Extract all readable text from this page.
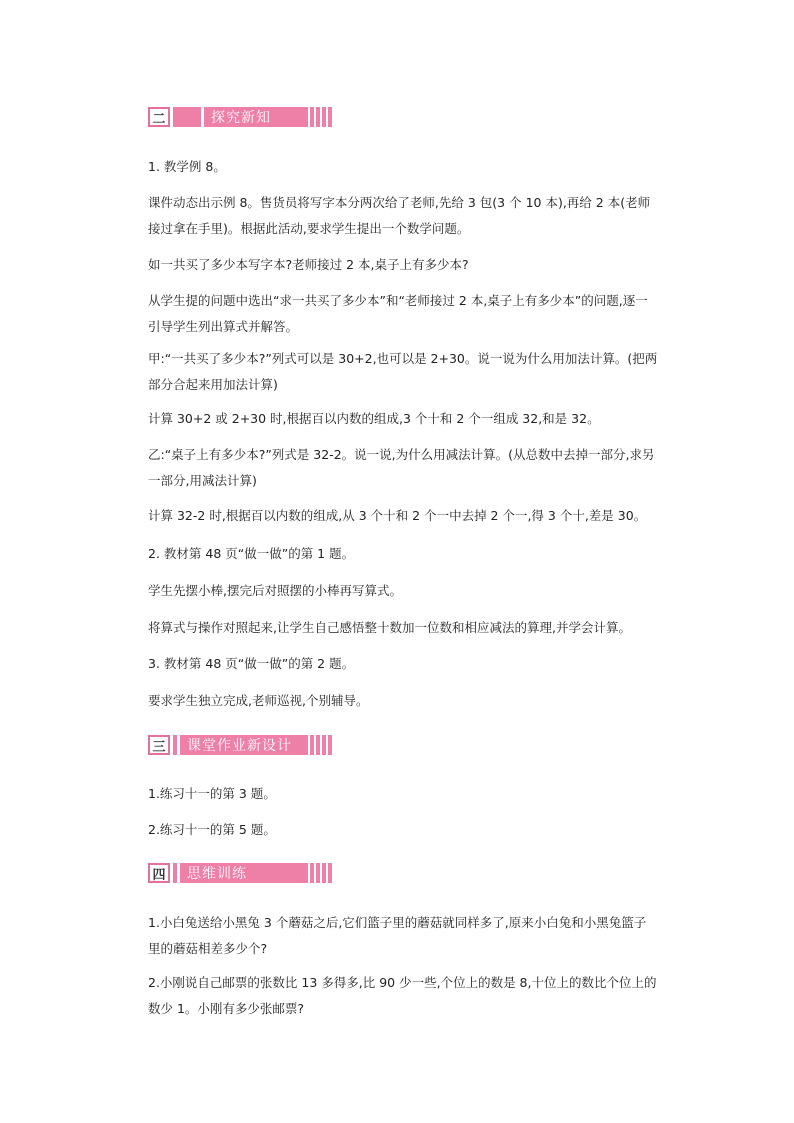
二	探究新知
1. 教学例 8。
课件动态出示例 8。售货员将写字本分两次给了老师,先给 3 包(3 个 10 本),再给 2 本(老师接过拿在手里)。根据此活动,要求学生提出一个数学问题。
如一共买了多少本写字本?老师接过 2 本,桌子上有多少本?
从学生提的问题中选出“求一共买了多少本”和“老师接过 2 本,桌子上有多少本”的问题,逐一引导学生列出算式并解答。
甲:“一共买了多少本?”列式可以是 30+2,也可以是 2+30。说一说为什么用加法计算。(把两部分合起来用加法计算)
计算 30+2 或 2+30 时,根据百以内数的组成,3 个十和 2 个一组成 32,和是 32。
乙:“桌子上有多少本?”列式是 32-2。说一说,为什么用减法计算。(从总数中去掉一部分,求另一部分,用减法计算)
计算 32-2 时,根据百以内数的组成,从 3 个十和 2 个一中去掉 2 个一,得 3 个十,差是 30。
2. 教材第 48 页“做一做”的第 1 题。
学生先摆小棒,摆完后对照摆的小棒再写算式。
将算式与操作对照起来,让学生自己感悟整十数加一位数和相应减法的算理,并学会计算。
3. 教材第 48 页“做一做”的第 2 题。
要求学生独立完成,老师巡视,个别辅导。
三	课堂作业新设计
1.练习十一的第 3 题。
2.练习十一的第 5 题。
四	思维训练
1.小白兔送给小黑兔 3 个蘑菇之后,它们篮子里的蘑菇就同样多了,原来小白兔和小黑兔篮子里的蘑菇相差多少个?
2.小刚说自己邮票的张数比 13 多得多,比 90 少一些,个位上的数是 8,十位上的数比个位上的数少 1。小刚有多少张邮票?
